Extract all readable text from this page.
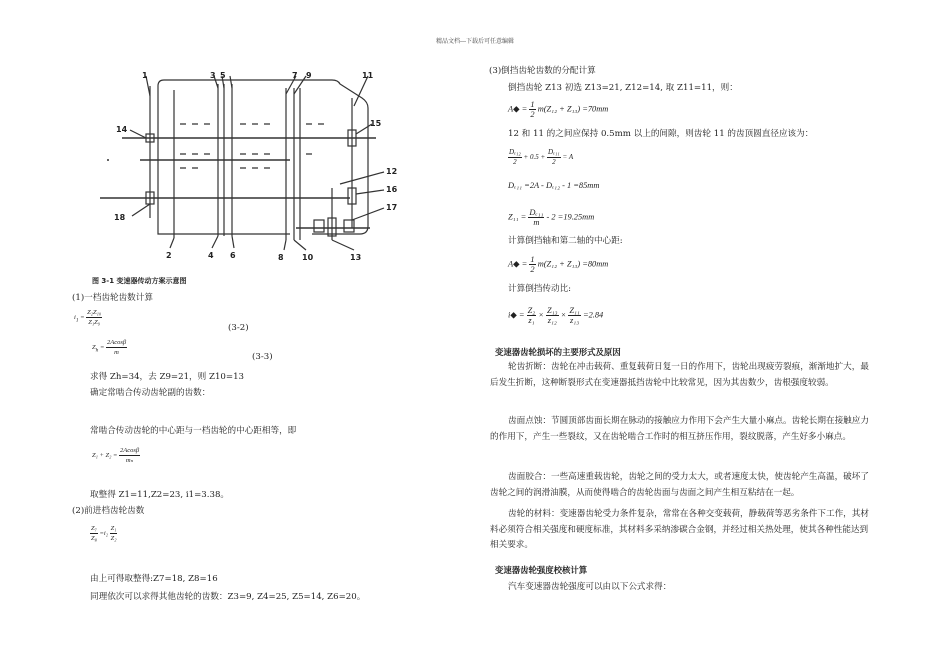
精品文档---下载后可任意编辑
1	3 5	7 9	11
14
15
12
16
17
18
2	4 6	8 10	13
图 3-1 变速器传动方案示意图
(1)一档齿轮齿数计算
$i_1 = \frac{\text{Z₂Z₁₀}}{\text{Z₁Z₉}}$
(3-2)
$Z_h = \frac{2Acos\beta}{m}$	(3-3)
求得 Zh=34，去 Z9=21，则 Z10=13
确定常啮合传动齿轮副的齿数：
常啮合传动齿轮的中心距与一档齿轮的中心距相等，即
$Z_1 + Z_2 = \frac{2Acos\beta}{\text{mₙ}}$
取整得 Z1=11,Z2=23, i1=3.38。
(2)前进档齿轮齿数
$\frac{\text{Z₇}}{\text{Z₈}} =i_2 \frac{\text{Z₁}}{\text{Z₂}}$
由上可得取整得:Z7=18, Z8=16
同理依次可以求得其他齿轮的齿数：Z3=9, Z4=25, Z5=14, Z6=20。
(3)倒挡齿轮齿数的分配计算
倒挡齿轮 Z13 初选 Z13=21, Z12=14, 取 Z11=11，则：
A◆ = $\frac{1}{2} m(Z_{12} + Z_{13}) =70mm$
12 和 11 的之间应保持 0.5mm 以上的间隙，则齿轮 11 的齿顶圆直径应该为：
$\frac{\text{Dₑ₁₂}}{2} + 0.5 + \frac{\text{Dₑ₁₁}}{2} = A$
Dₑ₁₁ =2A - Dₑ₁₂ - 1 =85mm
$Z_{11} = \frac{\text{Dₑ₁₁}}{m} - 2 =19.25mm$
计算倒挡轴和第二轴的中心距:
A◆ = $\frac{1}{2} m(Z_{12} + Z_{13}) =80mm$
计算倒挡传动比:
i◆ = $\frac{\text{Z₂}}{\text{z₁}} \times \frac{\text{Z₁₃}}{\text{z₁₂}} \times \frac{\text{Z₁₁}}{\text{z₁₃}} =2.84$
变速器齿轮损坏的主要形式及原因
轮齿折断：齿轮在冲击载荷、重复载荷日复一日的作用下，齿轮出现疲劳裂痕，渐渐地扩大，最后发生折断，这种断裂形式在变速器抵挡齿轮中比较常见，因为其齿数少，齿根强度较弱。
齿面点蚀：节圆顶部齿面长期在脉动的接触应力作用下会产生大量小麻点。齿轮长期在接触应力的作用下，产生一些裂纹，又在齿轮啮合工作时的相互挤压作用，裂纹脱落，产生好多小麻点。
齿面胶合：一些高速重载齿轮，齿轮之间的受力太大，或者速度太快，使齿轮产生高温，破坏了齿轮之间的润滑油膜，从而使得啮合的齿轮齿面与齿面之间产生相互粘结在一起。
齿轮的材料：变速器齿轮受力条件复杂，常常在各种交变载荷，静载荷等恶劣条件下工作，其材料必须符合相关强度和硬度标准，其材料多采纳渗碳合金钢，并经过相关热处理，使其各种性能达到相关要求。
变速器齿轮强度校核计算
汽车变速器齿轮强度可以由以下公式求得：
